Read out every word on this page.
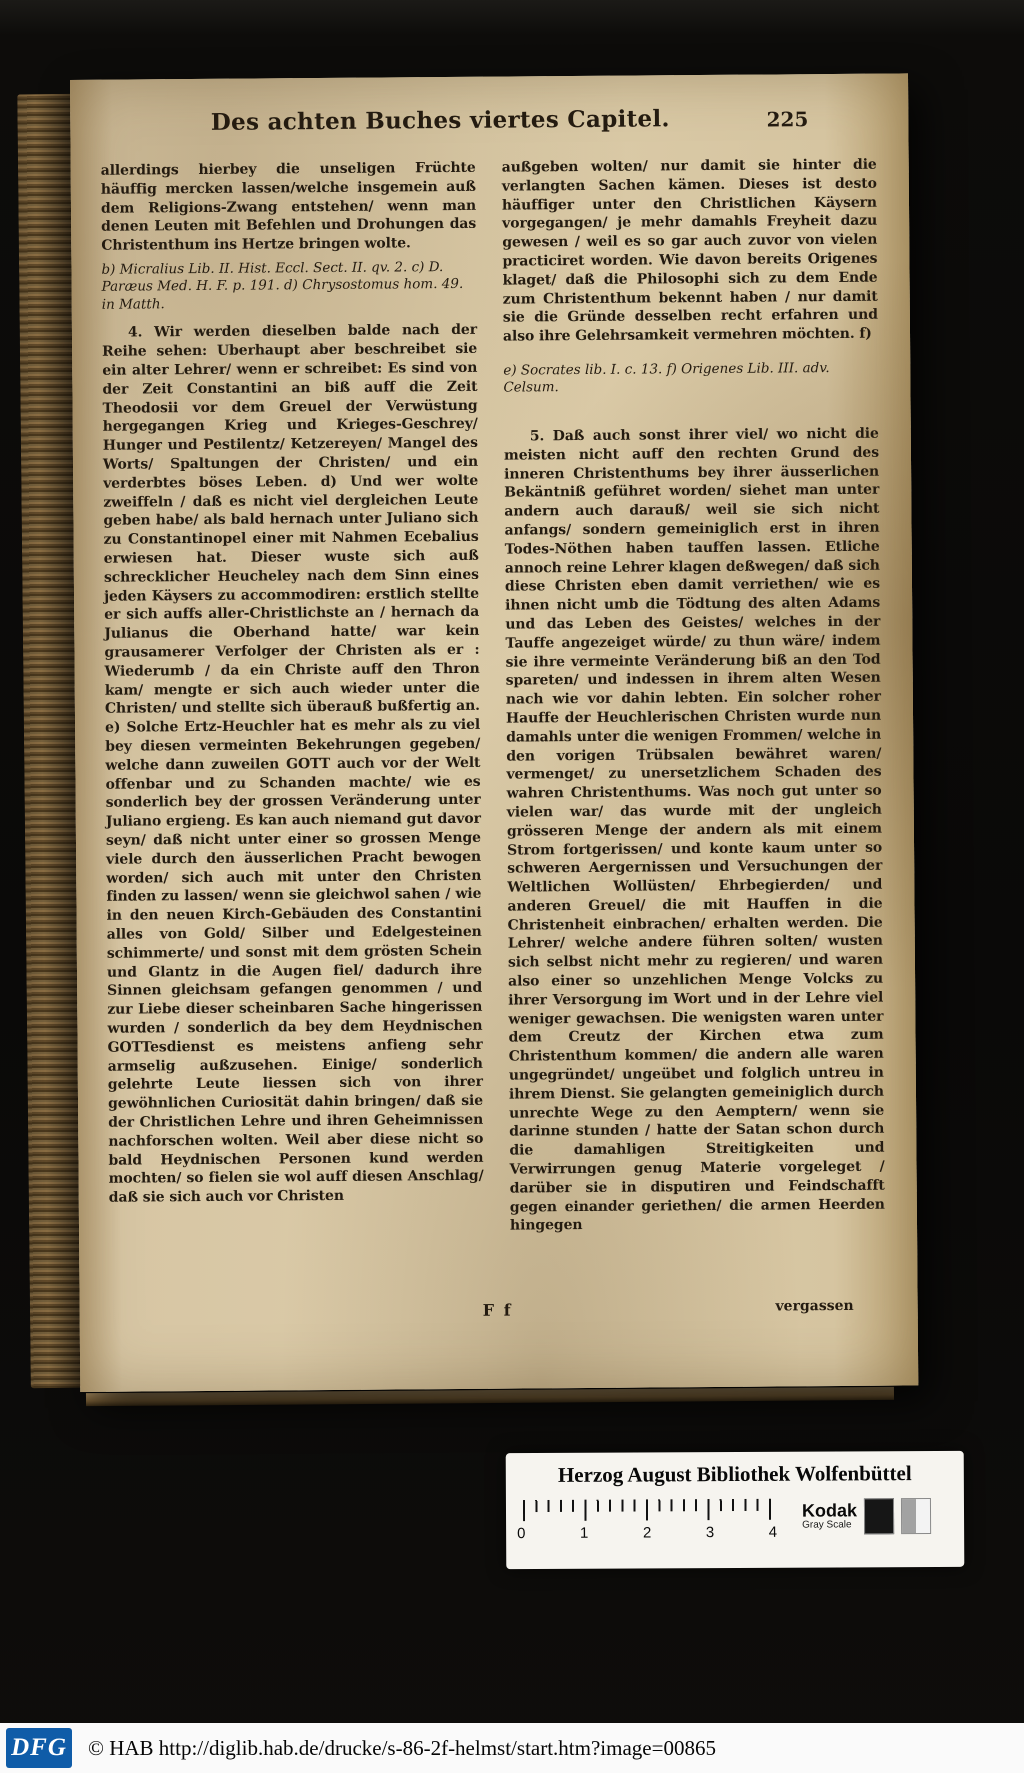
Des achten Buches viertes Capitel.	225

allerdings hierbey die unseligen Früchte häuffig mercken lassen/welche insgemein auß dem Religions-Zwang entstehen/ wenn man denen Leuten mit Befehlen und Drohungen das Christenthum ins Hertze bringen wolte.

b) Micralius Lib. II. Hist. Eccl. Sect. II. qv. 2. c) D. Paræus Med. H. F. p. 191. d) Chrysostomus hom. 49. in Matth.

4. Wir werden dieselben balde nach der Reihe sehen: Uberhaupt aber beschreibet sie ein alter Lehrer/ wenn er schreibet: Es sind von der Zeit Constantini an biß auff die Zeit Theodosii vor dem Greuel der Verwüstung hergegangen Krieg und Krieges-Geschrey/ Hunger und Pestilentz/ Ketzereyen/ Mangel des Worts/ Spaltungen der Christen/ und ein verderbtes böses Leben. d) Und wer wolte zweiffeln / daß es nicht viel dergleichen Leute geben habe/ als bald hernach unter Juliano sich zu Constantinopel einer mit Nahmen Ecebalius erwiesen hat. Dieser wuste sich auß schrecklicher Heucheley nach dem Sinn eines jeden Käysers zu accommodiren: erstlich stellte er sich auffs aller-Christlichste an / hernach da Julianus die Oberhand hatte/ war kein grausamerer Verfolger der Christen als er : Wiederumb / da ein Christe auff den Thron kam/ mengte er sich auch wieder unter die Christen/ und stellte sich überauß bußfertig an. e) Solche Ertz-Heuchler hat es mehr als zu viel bey diesen vermeinten Bekehrungen gegeben/ welche dann zuweilen GOTT auch vor der Welt offenbar und zu Schanden machte/ wie es sonderlich bey der grossen Veränderung unter Juliano ergieng. Es kan auch niemand gut davor seyn/ daß nicht unter einer so grossen Menge viele durch den äusserlichen Pracht bewogen worden/ sich auch mit unter den Christen finden zu lassen/ wenn sie gleichwol sahen / wie in den neuen Kirch-Gebäuden des Constantini alles von Gold/ Silber und Edelgesteinen schimmerte/ und sonst mit dem grösten Schein und Glantz in die Augen fiel/ dadurch ihre Sinnen gleichsam gefangen genommen / und zur Liebe dieser scheinbaren Sache hingerissen wurden / sonderlich da bey dem Heydnischen GOTTesdienst es meistens anfieng sehr armselig außzusehen. Einige/ sonderlich gelehrte Leute liessen sich von ihrer gewöhnlichen Curiosität dahin bringen/ daß sie der Christlichen Lehre und ihren Geheimnissen nachforschen wolten. Weil aber diese nicht so bald Heydnischen Personen kund werden mochten/ so fielen sie wol auff diesen Anschlag/ daß sie sich auch vor Christen

außgeben wolten/ nur damit sie hinter die verlangten Sachen kämen. Dieses ist desto häuffiger unter den Christlichen Käysern vorgegangen/ je mehr damahls Freyheit dazu gewesen / weil es so gar auch zuvor von vielen practiciret worden. Wie davon bereits Origenes klaget/ daß die Philosophi sich zu dem Ende zum Christenthum bekennt haben / nur damit sie die Gründe desselben recht erfahren und also ihre Gelehrsamkeit vermehren möchten. f)

e) Socrates lib. I. c. 13. f) Origenes Lib. III. adv. Celsum.

5. Daß auch sonst ihrer viel/ wo nicht die meisten nicht auff den rechten Grund des inneren Christenthums bey ihrer äusserlichen Bekäntniß geführet worden/ siehet man unter andern auch darauß/ weil sie sich nicht anfangs/ sondern gemeiniglich erst in ihren Todes-Nöthen haben tauffen lassen. Etliche annoch reine Lehrer klagen deßwegen/ daß sich diese Christen eben damit verriethen/ wie es ihnen nicht umb die Tödtung des alten Adams und das Leben des Geistes/ welches in der Tauffe angezeiget würde/ zu thun wäre/ indem sie ihre vermeinte Veränderung biß an den Tod spareten/ und indessen in ihrem alten Wesen nach wie vor dahin lebten. Ein solcher roher Hauffe der Heuchlerischen Christen wurde nun damahls unter die wenigen Frommen/ welche in den vorigen Trübsalen bewähret waren/ vermenget/ zu unersetzlichem Schaden des wahren Christenthums. Was noch gut unter so vielen war/ das wurde mit der ungleich grösseren Menge der andern als mit einem Strom fortgerissen/ und konte kaum unter so schweren Aergernissen und Versuchungen der Weltlichen Wollüsten/ Ehrbegierden/ und anderen Greuel/ die mit Hauffen in die Christenheit einbrachen/ erhalten werden. Die Lehrer/ welche andere führen solten/ wusten sich selbst nicht mehr zu regieren/ und waren also einer so unzehlichen Menge Volcks zu ihrer Versorgung im Wort und in der Lehre viel weniger gewachsen. Die wenigsten waren unter dem Creutz der Kirchen etwa zum Christenthum kommen/ die andern alle waren ungegründet/ ungeübet und folglich untreu in ihrem Dienst. Sie gelangten gemeiniglich durch unrechte Wege zu den Aemptern/ wenn sie darinne stunden / hatte der Satan schon durch die damahligen Streitigkeiten und Verwirrungen genug Materie vorgeleget / darüber sie in disputiren und Feindschafft gegen einander geriethen/ die armen Heerden hingegen

F f	vergassen
Herzog August Bibliothek Wolfenbüttel
0	1	2	3	4
Kodak
Gray Scale
DFG © HAB http://diglib.hab.de/drucke/s-86-2f-helmst/start.htm?image=00865
